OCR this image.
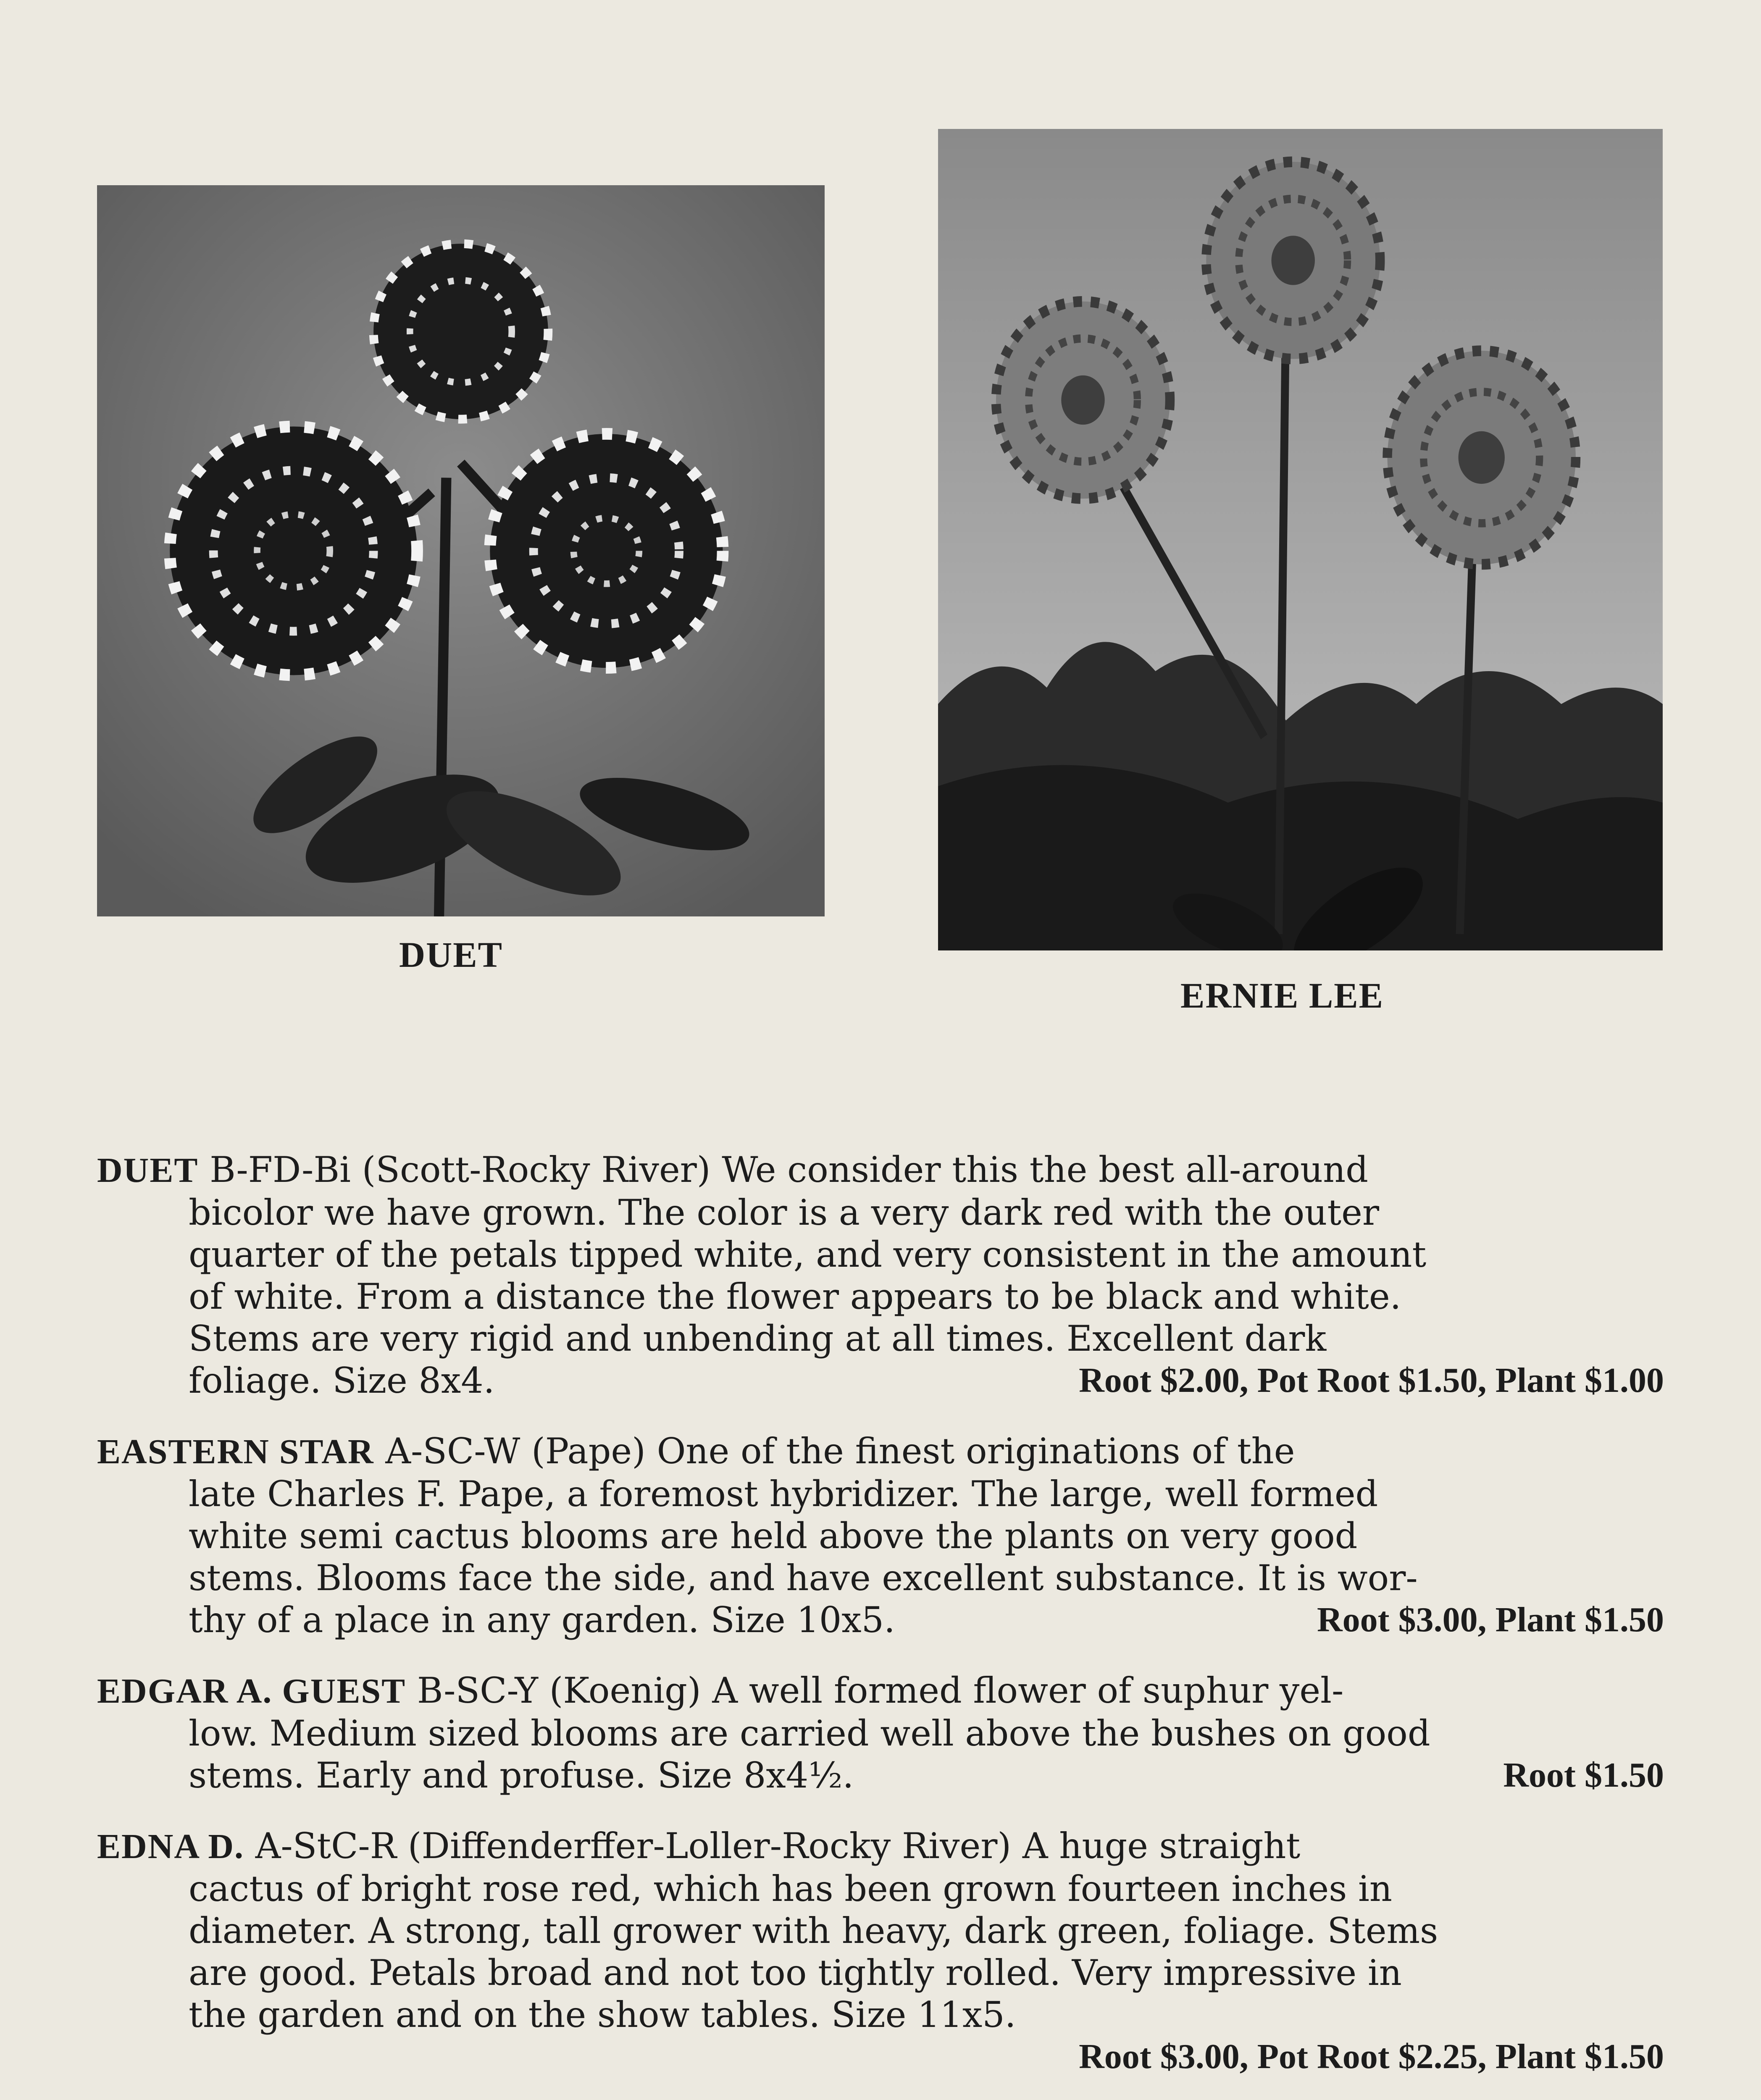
DUET
ERNIE LEE

DUET B-FD-Bi (Scott-Rocky River) We consider this the best all-around
bicolor we have grown. The color is a very dark red with the outer
quarter of the petals tipped white, and very consistent in the amount
of white. From a distance the flower appears to be black and white.
Stems are very rigid and unbending at all times. Excellent dark

foliage. Size 8x4.	Root $2.00, Pot Root $1.50, Plant $1.00

EASTERN STAR A-SC-W (Pape) One of the finest originations of the
late Charles F. Pape, a foremost hybridizer. The large, well formed
white semi cactus blooms are held above the plants on very good
stems. Blooms face the side, and have excellent substance. It is wor-

thy of a place in any garden. Size 10x5.	Root $3.00, Plant $1.50

EDGAR A. GUEST B-SC-Y (Koenig) A well formed flower of suphur yel-
low. Medium sized blooms are carried well above the bushes on good

stems. Early and profuse. Size 8x4½.	Root $1.50

EDNA D. A-StC-R (Diffenderffer-Loller-Rocky River) A huge straight
cactus of bright rose red, which has been grown fourteen inches in
diameter. A strong, tall grower with heavy, dark green, foliage. Stems
are good. Petals broad and not too tightly rolled. Very impressive in
the garden and on the show tables. Size 11x5.

Root $3.00, Pot Root $2.25, Plant $1.50
